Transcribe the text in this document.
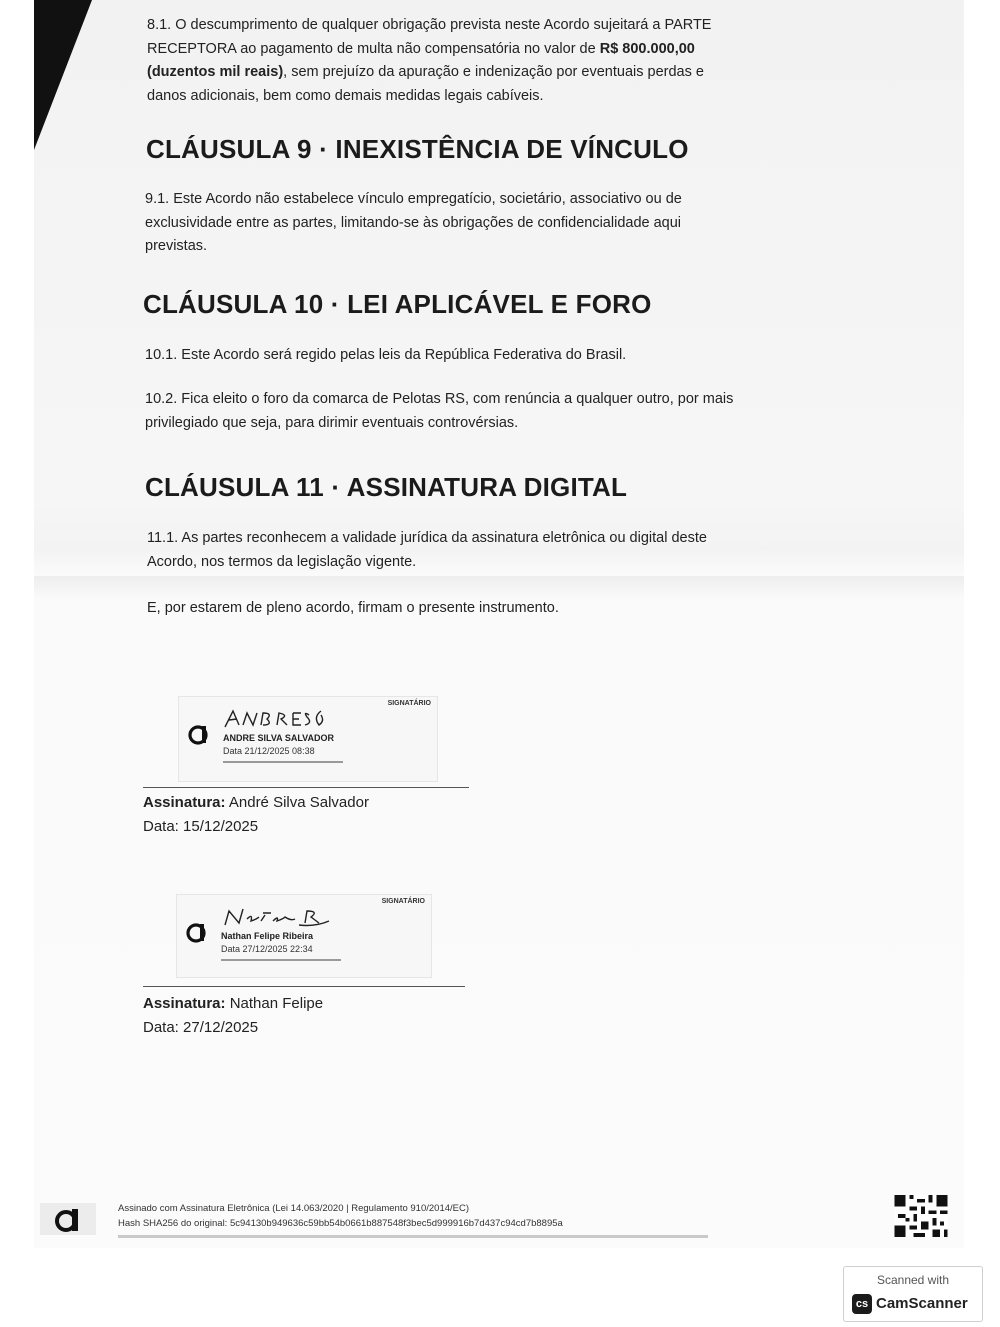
8.1. O descumprimento de qualquer obrigação prevista neste Acordo sujeitará a PARTE
RECEPTORA ao pagamento de multa não compensatória no valor de R$ 800.000,00
(duzentos mil reais), sem prejuízo da apuração e indenização por eventuais perdas e
danos adicionais, bem como demais medidas legais cabíveis.
CLÁUSULA 9 · INEXISTÊNCIA DE VÍNCULO
9.1. Este Acordo não estabelece vínculo empregatício, societário, associativo ou de
exclusividade entre as partes, limitando-se às obrigações de confidencialidade aqui
previstas.
CLÁUSULA 10 · LEI APLICÁVEL E FORO
10.1. Este Acordo será regido pelas leis da República Federativa do Brasil.
10.2. Fica eleito o foro da comarca de Pelotas RS, com renúncia a qualquer outro, por mais
privilegiado que seja, para dirimir eventuais controvérsias.
CLÁUSULA 11 · ASSINATURA DIGITAL
11.1. As partes reconhecem a validade jurídica da assinatura eletrônica ou digital deste
Acordo, nos termos da legislação vigente.
E, por estarem de pleno acordo, firmam o presente instrumento.
SIGNATÁRIO
ANDRE SILVA SALVADOR
Data 21/12/2025 08:38
Assinatura: André Silva Salvador
Data: 15/12/2025
SIGNATÁRIO
Nathan Felipe Ribeira
Data 27/12/2025 22:34
Assinatura: Nathan Felipe
Data: 27/12/2025
Assinado com Assinatura Eletrônica (Lei 14.063/2020 | Regulamento 910/2014/EC)
Hash SHA256 do original: 5c94130b949636c59bb54b0661b887548f3bec5d999916b7d437c94cd7b8895a
Scanned with
cs CamScanner
